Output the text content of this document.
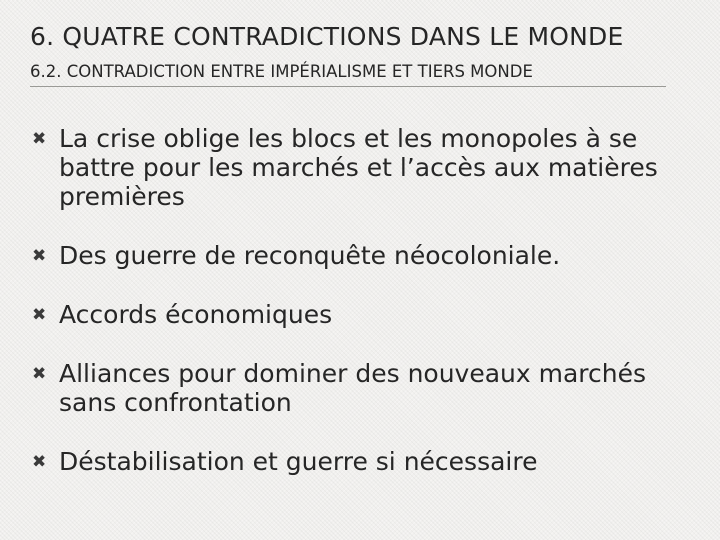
6. QUATRE CONTRADICTIONS DANS LE MONDE
6.2. CONTRADICTION ENTRE IMPÉRIALISME ET TIERS MONDE
✖ La crise oblige les blocs et les monopoles à se battre pour les marchés et l’accès aux matières premières
✖ Des guerre de reconquête néocoloniale.
✖ Accords économiques
✖ Alliances pour dominer des nouveaux marchés sans confrontation
✖ Déstabilisation et guerre si nécessaire
